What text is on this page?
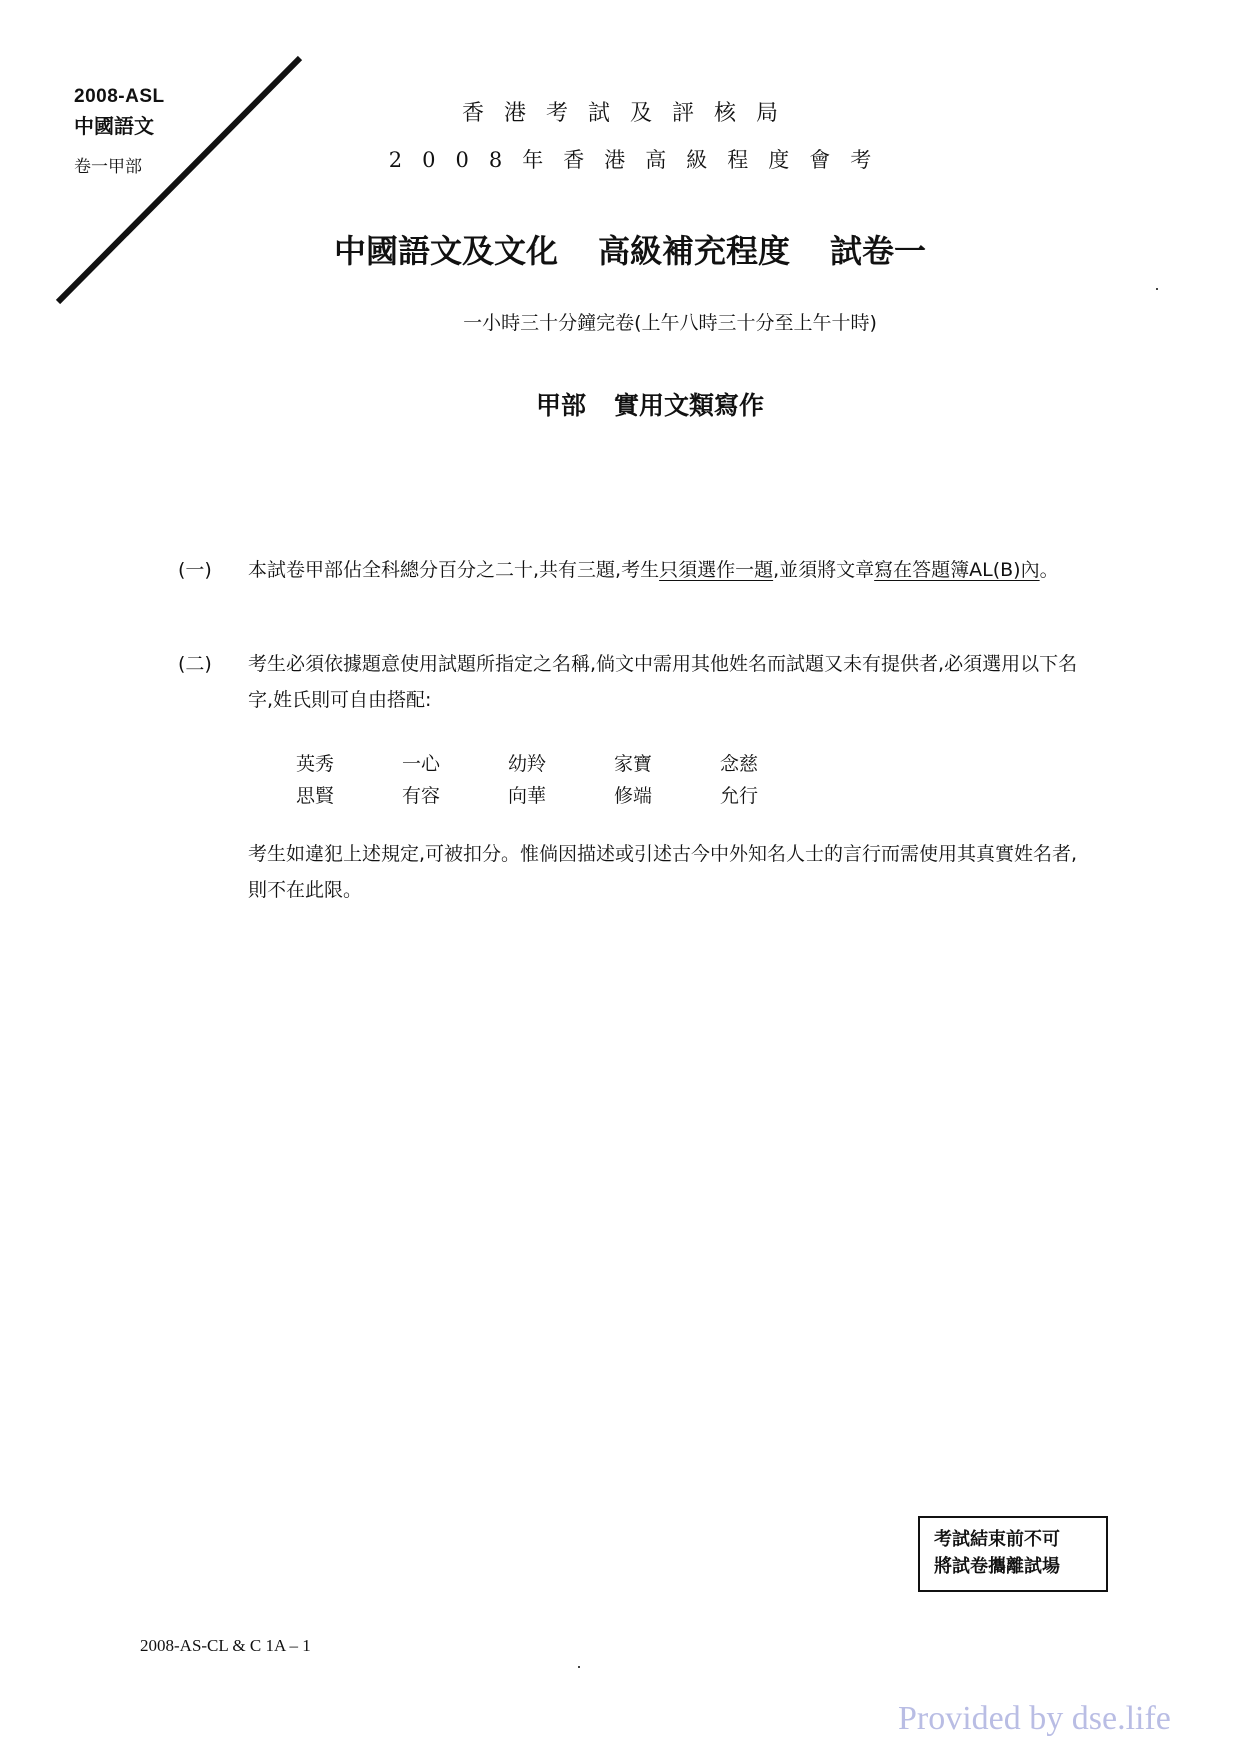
2008-ASL
中國語文
卷一甲部
香港考試及評核局
2008年香港高級程度會考
中國語文及文化 高級補充程度 試卷一
一小時三十分鐘完卷(上午八時三十分至上午十時)
甲部 實用文類寫作
(一)	本試卷甲部佔全科總分百分之二十,共有三題,考生只須選作一題,並須將文章寫在答題簿AL(B)內。
(二)	考生必須依據題意使用試題所指定之名稱,倘文中需用其他姓名而試題又未有提供者,必須選用以下名字,姓氏則可自由搭配:
英秀	一心	幼羚	家寶	念慈
思賢	有容	向華	修端	允行
考生如違犯上述規定,可被扣分。惟倘因描述或引述古今中外知名人士的言行而需使用其真實姓名者,則不在此限。
考試結束前不可
將試卷攜離試場
2008-AS-CL & C 1A – 1
Provided by dse.life
